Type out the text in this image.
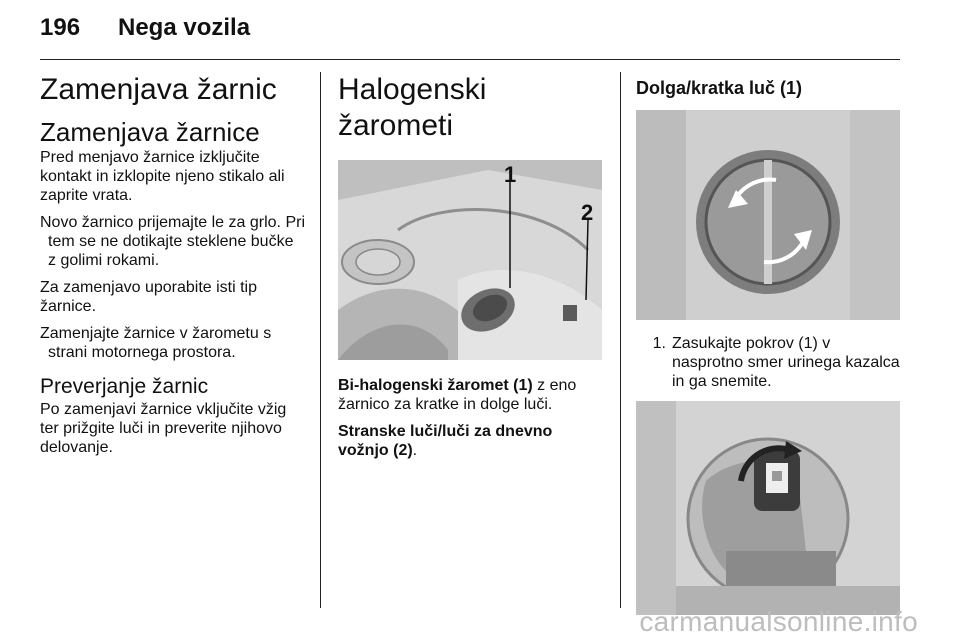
196 Nega vozila
Zamenjava žarnic
Zamenjava žarnice

Pred menjavo žarnice izključite kontakt in izklopite njeno stikalo ali zaprite vrata.

Novo žarnico prijemajte le za grlo. Pri tem se ne dotikajte steklene bučke z golimi rokami.

Za zamenjavo uporabite isti tip žarnice.

Zamenjajte žarnice v žarometu s strani motornega prostora.

Preverjanje žarnic

Po zamenjavi žarnice vključite vžig ter prižgite luči in preverite njihovo delovanje.

Halogenski žarometi
1
2

Bi-halogenski žaromet (1) z eno žarnico za kratke in dolge luči.

Stranske luči/luči za dnevno vožnjo (2).

Dolga/kratka luč (1)
1. Zasukajte pokrov (1) v nasprotno smer urinega kazalca in ga snemite.
carmanualsonline.info
